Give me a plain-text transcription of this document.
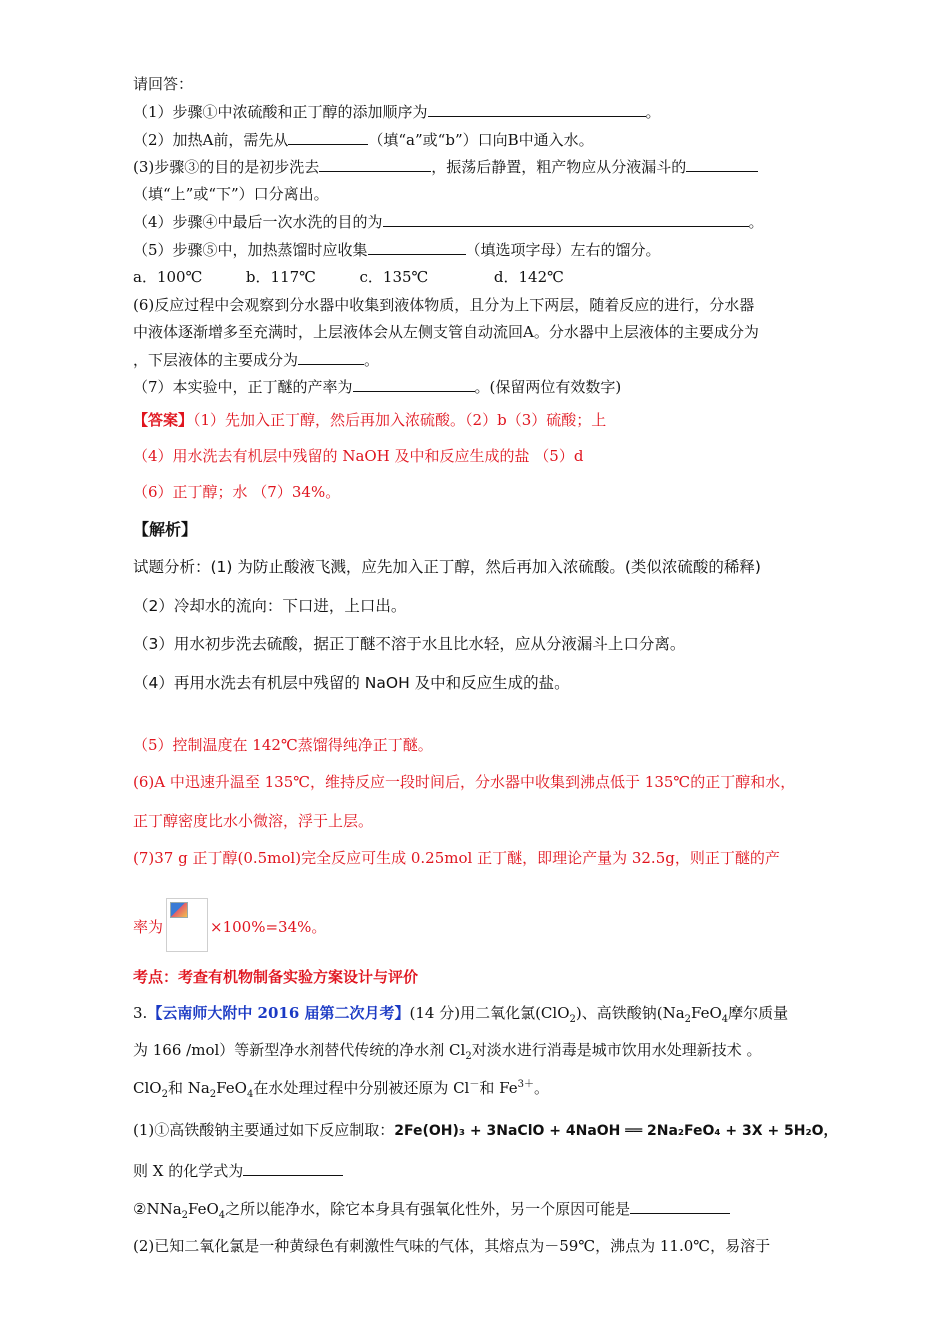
请回答：
（1）步骤①中浓硫酸和正丁醇的添加顺序为	。
（2）加热A前，需先从	（填“a”或“b”）口向B中通入水。
(3)步骤③的目的是初步洗去	，振荡后静置，粗产物应从分液漏斗的
（填“上”或“下”）口分离出。
（4）步骤④中最后一次水洗的目的为	。
（5）步骤⑤中，加热蒸馏时应收集	（填选项字母）左右的馏分。
a．100℃	b．117℃	c．135℃	d．142℃
(6)反应过程中会观察到分水器中收集到液体物质，且分为上下两层，随着反应的进行，分水器
中液体逐渐增多至充满时，上层液体会从左侧支管自动流回A。分水器中上层液体的主要成分为
，下层液体的主要成分为	。
（7）本实验中，正丁醚的产率为	。(保留两位有效数字)
【答案】（1）先加入正丁醇，然后再加入浓硫酸。（2）b（3）硫酸；上
（4）用水洗去有机层中残留的 NaOH 及中和反应生成的盐 （5）d
（6）正丁醇；水 （7）34%。
【解析】
试题分析：(1) 为防止酸液飞溅，应先加入正丁醇，然后再加入浓硫酸。(类似浓硫酸的稀释)
（2）冷却水的流向：下口进，上口出。
（3）用水初步洗去硫酸，据正丁醚不溶于水且比水轻，应从分液漏斗上口分离。
（4）再用水洗去有机层中残留的 NaOH 及中和反应生成的盐。
（5）控制温度在 142℃蒸馏得纯净正丁醚。
(6)A 中迅速升温至 135℃，维持反应一段时间后，分水器中收集到沸点低于 135℃的正丁醇和水，
正丁醇密度比水小微溶，浮于上层。
(7)37 g 正丁醇(0.5mol)完全反应可生成 0.25mol 正丁醚，即理论产量为 32.5g，则正丁醚的产
率为	×100%=34%。
考点：考查有机物制备实验方案设计与评价
3.【云南师大附中 2016 届第二次月考】(14 分)用二氧化氯(ClO$_2$)、高铁酸钠($Na_2FeO_4$摩尔质量
为 166 /mol）等新型净水剂替代传统的净水剂 $Cl_2$对淡水进行消毒是城市饮用水处理新技术 。
ClO$_2$和 $Na_2FeO_4$在水处理过程中分别被还原为 Cl－和 $Fe^{3+}$。
(1)①高铁酸钠主要通过如下反应制取：2Fe(OH)₃ + 3NaClO + 4NaOH ══ 2Na₂FeO₄ + 3X + 5H₂O，
则 X 的化学式为
②NNa$_2$FeO$_4$之所以能净水，除它本身具有强氧化性外，另一个原因可能是
(2)已知二氧化氯是一种黄绿色有刺激性气味的气体，其熔点为－59℃，沸点为 11.0℃，易溶于
